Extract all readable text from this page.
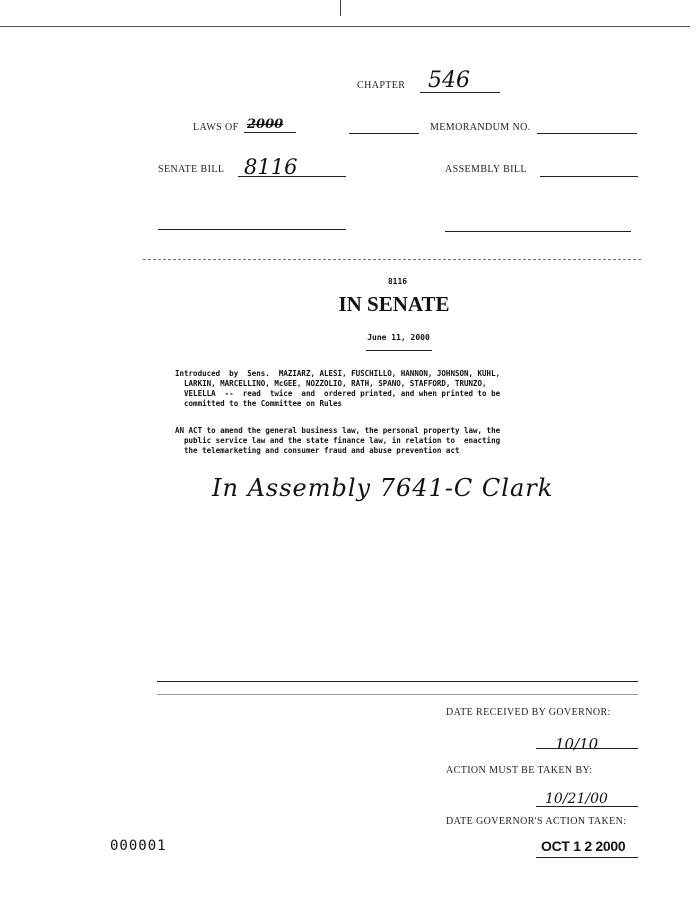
CHAPTER 546
LAWS OF 2000	MEMORANDUM NO.
SENATE BILL 8116	ASSEMBLY BILL
8116
IN SENATE
June 11, 2000
Introduced  by  Sens.  MAZIARZ, ALESI, FUSCHILLO, HANNON, JOHNSON, KUHL,
LARKIN, MARCELLINO, McGEE, NOZZOLIO, RATH, SPANO, STAFFORD, TRUNZO,
VELELLA  --  read  twice  and  ordered printed, and when printed to be
committed to the Committee on Rules
AN ACT to amend the general business law, the personal property law, the
public service law and the state finance law, in relation to  enacting
the telemarketing and consumer fraud and abuse prevention act
In Assembly 7641-C Clark
DATE RECEIVED BY GOVERNOR:
10/10
ACTION MUST BE TAKEN BY:
10/21/00
DATE GOVERNOR'S ACTION TAKEN:
OCT 1 2 2000
000001
